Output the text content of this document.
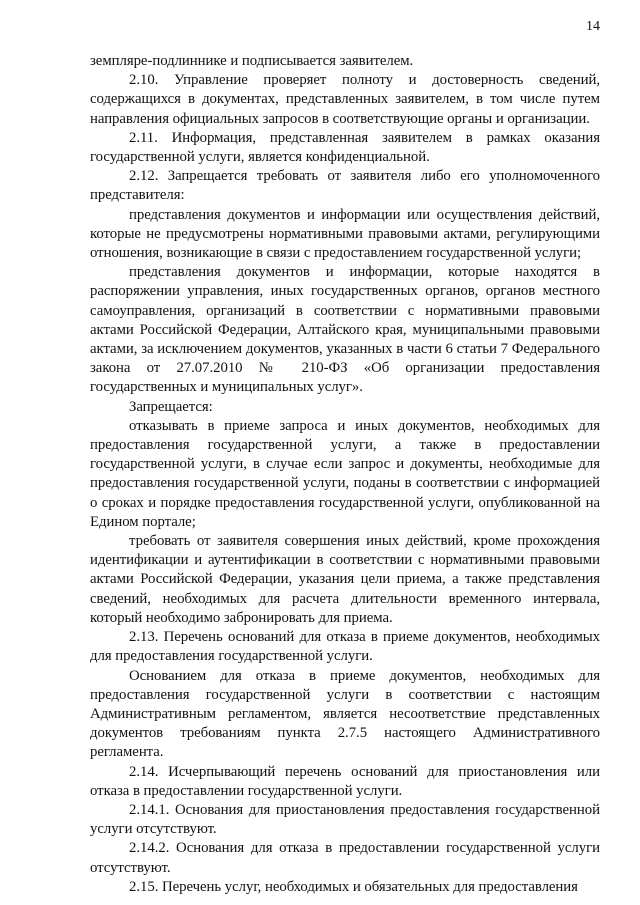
14

земпляре-подлиннике и подписывается заявителем.

2.10. Управление проверяет полноту и достоверность сведений, содержащихся в документах, представленных заявителем, в том числе путем направления официальных запросов в соответствующие органы и организации.

2.11. Информация, представленная заявителем в рамках оказания государственной услуги, является конфиденциальной.

2.12. Запрещается требовать от заявителя либо его уполномоченного представителя:

представления документов и информации или осуществления действий, которые не предусмотрены нормативными правовыми актами, регулирующими отношения, возникающие в связи с предоставлением государственной услуги;

представления документов и информации, которые находятся в распоряжении управления, иных государственных органов, органов местного самоуправления, организаций в соответствии с нормативными правовыми актами Российской Федерации, Алтайского края, муниципальными правовыми актами, за исключением документов, указанных в части 6 статьи 7 Федерального закона от 27.07.2010 № 210-ФЗ «Об организации предоставления государственных и муниципальных услуг».

Запрещается:

отказывать в приеме запроса и иных документов, необходимых для предоставления государственной услуги, а также в предоставлении государственной услуги, в случае если запрос и документы, необходимые для предоставления государственной услуги, поданы в соответствии с информацией о сроках и порядке предоставления государственной услуги, опубликованной на Едином портале;

требовать от заявителя совершения иных действий, кроме прохождения идентификации и аутентификации в соответствии с нормативными правовыми актами Российской Федерации, указания цели приема, а также представления сведений, необходимых для расчета длительности временного интервала, который необходимо забронировать для приема.

2.13. Перечень оснований для отказа в приеме документов, необходимых для предоставления государственной услуги.

Основанием для отказа в приеме документов, необходимых для предоставления государственной услуги в соответствии с настоящим Административным регламентом, является несоответствие представленных документов требованиям пункта 2.7.5 настоящего Административного регламента.

2.14. Исчерпывающий перечень оснований для приостановления или отказа в предоставлении государственной услуги.

2.14.1. Основания для приостановления предоставления государственной услуги отсутствуют.

2.14.2. Основания для отказа в предоставлении государственной услуги отсутствуют.

2.15. Перечень услуг, необходимых и обязательных для предоставления
